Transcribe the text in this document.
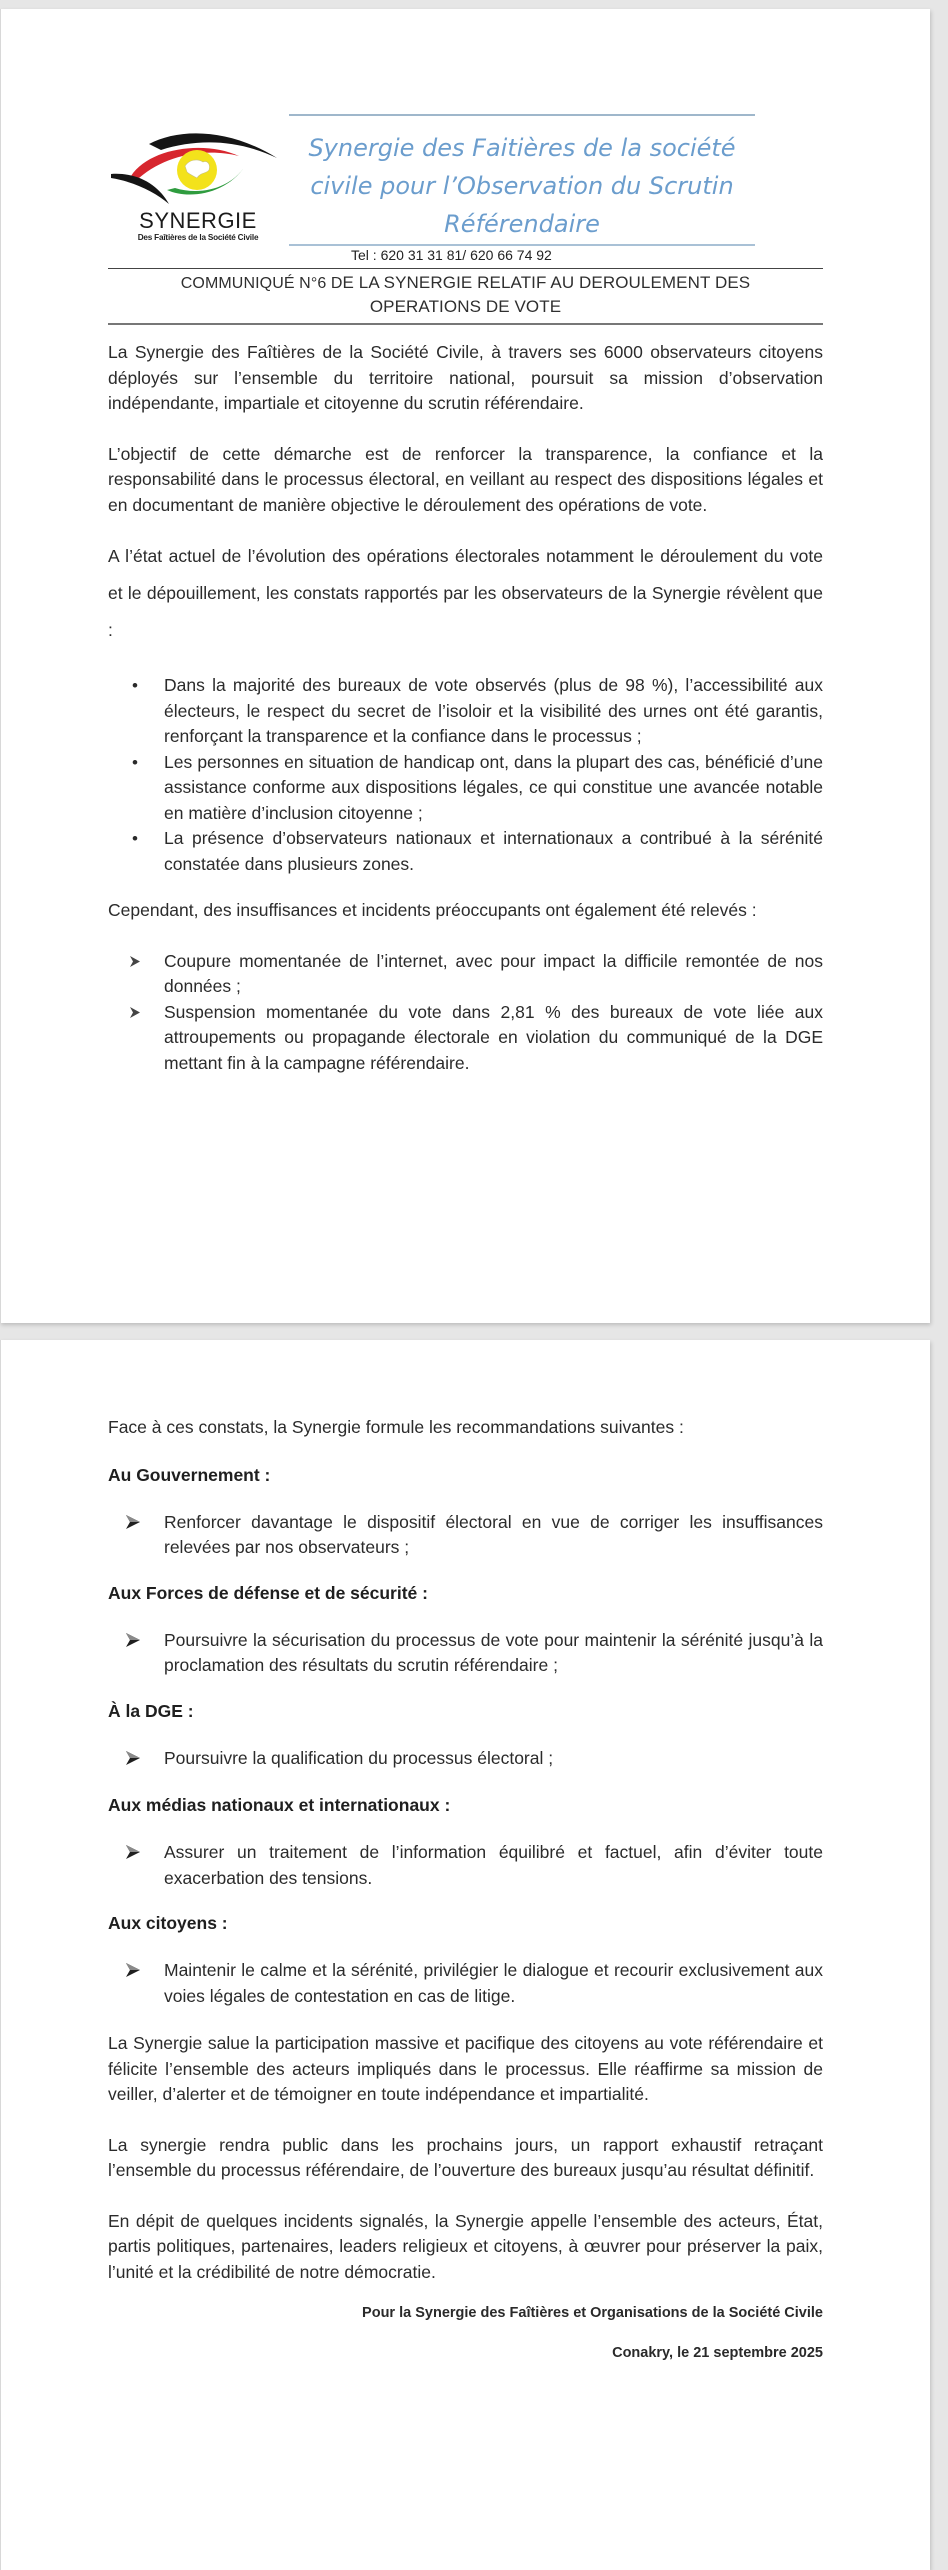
SYNERGIE
Des Faîtières de la Société Civile
Synergie des Faitières de la société
civile pour l’Observation du Scrutin
Référendaire
Tel : 620 31 31 81/ 620 66 74 92
COMMUNIQUÉ N°6 DE LA SYNERGIE RELATIF AU DEROULEMENT DES
OPERATIONS DE VOTE

La Synergie des Faîtières de la Société Civile, à travers ses 6000 observateurs citoyens déployés sur l’ensemble du territoire national, poursuit sa mission d’observation indépendante, impartiale et citoyenne du scrutin référendaire.

L’objectif de cette démarche est de renforcer la transparence, la confiance et la responsabilité dans le processus électoral, en veillant au respect des dispositions légales et en documentant de manière objective le déroulement des opérations de vote.

A l’état actuel de l’évolution des opérations électorales notamment le déroulement du vote et le dépouillement, les constats rapportés par les observateurs de la Synergie révèlent que :

• Dans la majorité des bureaux de vote observés (plus de 98 %), l’accessibilité aux électeurs, le respect du secret de l’isoloir et la visibilité des urnes ont été garantis, renforçant la transparence et la confiance dans le processus ;
• Les personnes en situation de handicap ont, dans la plupart des cas, bénéficié d’une assistance conforme aux dispositions légales, ce qui constitue une avancée notable en matière d’inclusion citoyenne ;
• La présence d’observateurs nationaux et internationaux a contribué à la sérénité constatée dans plusieurs zones.

Cependant, des insuffisances et incidents préoccupants ont également été relevés :

Coupure momentanée de l’internet, avec pour impact la difficile remontée de nos données ;
Suspension momentanée du vote dans 2,81 % des bureaux de vote liée aux attroupements ou propagande électorale en violation du communiqué de la DGE mettant fin à la campagne référendaire.

Face à ces constats, la Synergie formule les recommandations suivantes :

Au Gouvernement :
Renforcer davantage le dispositif électoral en vue de corriger les insuffisances relevées par nos observateurs ;
Aux Forces de défense et de sécurité :
Poursuivre la sécurisation du processus de vote pour maintenir la sérénité jusqu’à la proclamation des résultats du scrutin référendaire ;
À la DGE :
Poursuivre la qualification du processus électoral ;
Aux médias nationaux et internationaux :
Assurer un traitement de l’information équilibré et factuel, afin d’éviter toute exacerbation des tensions.
Aux citoyens :
Maintenir le calme et la sérénité, privilégier le dialogue et recourir exclusivement aux voies légales de contestation en cas de litige.

La Synergie salue la participation massive et pacifique des citoyens au vote référendaire et félicite l’ensemble des acteurs impliqués dans le processus. Elle réaffirme sa mission de veiller, d’alerter et de témoigner en toute indépendance et impartialité.

La synergie rendra public dans les prochains jours, un rapport exhaustif retraçant l’ensemble du processus référendaire, de l’ouverture des bureaux jusqu’au résultat définitif.

En dépit de quelques incidents signalés, la Synergie appelle l’ensemble des acteurs, État, partis politiques, partenaires, leaders religieux et citoyens, à œuvrer pour préserver la paix, l’unité et la crédibilité de notre démocratie.

Pour la Synergie des Faîtières et Organisations de la Société Civile
Conakry, le 21 septembre 2025
